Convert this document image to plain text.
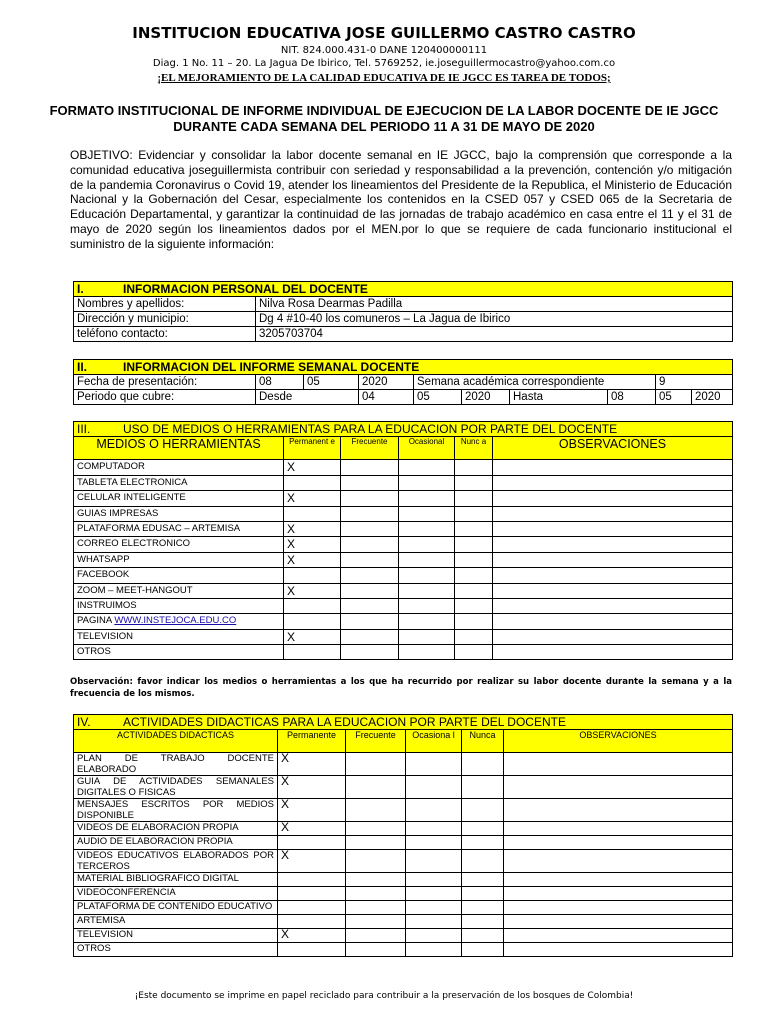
INSTITUCION EDUCATIVA JOSE GUILLERMO CASTRO CASTRO
NIT. 824.000.431-0 DANE 120400000111
Diag. 1 No. 11 – 20. La Jagua De Ibirico, Tel. 5769252, ie.joseguillermocastro@yahoo.com.co
¡EL MEJORAMIENTO DE LA CALIDAD EDUCATIVA DE IE JGCC ES TAREA DE TODOS;
FORMATO INSTITUCIONAL DE INFORME INDIVIDUAL DE EJECUCION DE LA LABOR DOCENTE DE IE JGCC
DURANTE CADA SEMANA DEL PERIODO 11 A 31 DE MAYO DE 2020
OBJETIVO: Evidenciar y consolidar la labor docente semanal en IE JGCC, bajo la comprensión que corresponde a la comunidad educativa joseguillermista contribuir con seriedad y responsabilidad a la prevención, contención y/o mitigación de la pandemia Coronavirus o Covid 19, atender los lineamientos del Presidente de la Republica, el Ministerio de Educación Nacional y la Gobernación del Cesar, especialmente los contenidos en la CSED 057 y CSED 065 de la Secretaria de Educación Departamental, y garantizar la continuidad de las jornadas de trabajo académico en casa entre el 11 y el 31 de mayo de 2020 según los lineamientos dados por el MEN.por lo que se requiere de cada funcionario institucional el suministro de la siguiente información:
I. INFORMACION PERSONAL DEL DOCENTE	
Nombres y apellidos:	Nilva Rosa Dearmas Padilla
Dirección y municipio:	Dg 4 #10-40 los comuneros – La Jagua de Ibirico
teléfono contacto:	3205703704
II. INFORMACION DEL INFORME SEMANAL DOCENTE									
Fecha de presentación:	08	05	2020	Semana académica correspondiente				9	
Periodo que cubre:	Desde		04	05	2020	Hasta	08	05	2020
III. USO DE MEDIOS O HERRAMIENTAS PARA LA EDUCACION POR PARTE DEL DOCENTE					
MEDIOS O HERRAMIENTAS	Permanent e	Frecuente	Ocasional	Nunc a	OBSERVACIONES
COMPUTADOR	X				
TABLETA ELECTRONICA					
CELULAR INTELIGENTE	X				
GUIAS IMPRESAS					
PLATAFORMA EDUSAC – ARTEMISA	X				
CORREO ELECTRONICO	X				
WHATSAPP	X				
FACEBOOK					
ZOOM – MEET-HANGOUT	X				
INSTRUIMOS					
PAGINA WWW.INSTEJOCA.EDU.CO					
TELEVISION	X				
OTROS					
Observación: favor indicar los medios o herramientas a los que ha recurrido por realizar su labor docente durante la semana y a la frecuencia de los mismos.
IV. ACTIVIDADES DIDACTICAS PARA LA EDUCACION POR PARTE DEL DOCENTE					
ACTIVIDADES DIDACTICAS	Permanente	Frecuente	Ocasiona l	Nunca	OBSERVACIONES
PLAN DE TRABAJO DOCENTE ELABORADO	X				
GUIA DE ACTIVIDADES SEMANALES DIGITALES O FISICAS	X				
MENSAJES ESCRITOS POR MEDIOS DISPONIBLE	X				
VIDEOS DE ELABORACION PROPIA	X				
AUDIO DE ELABORACION PROPIA					
VIDEOS EDUCATIVOS ELABORADOS POR TERCEROS	X				
MATERIAL BIBLIOGRAFICO DIGITAL					
VIDEOCONFERENCIA					
PLATAFORMA DE CONTENIDO EDUCATIVO					
ARTEMISA					
TELEVISION	X				
OTROS					
¡Este documento se imprime en papel reciclado para contribuir a la preservación de los bosques de Colombia!
